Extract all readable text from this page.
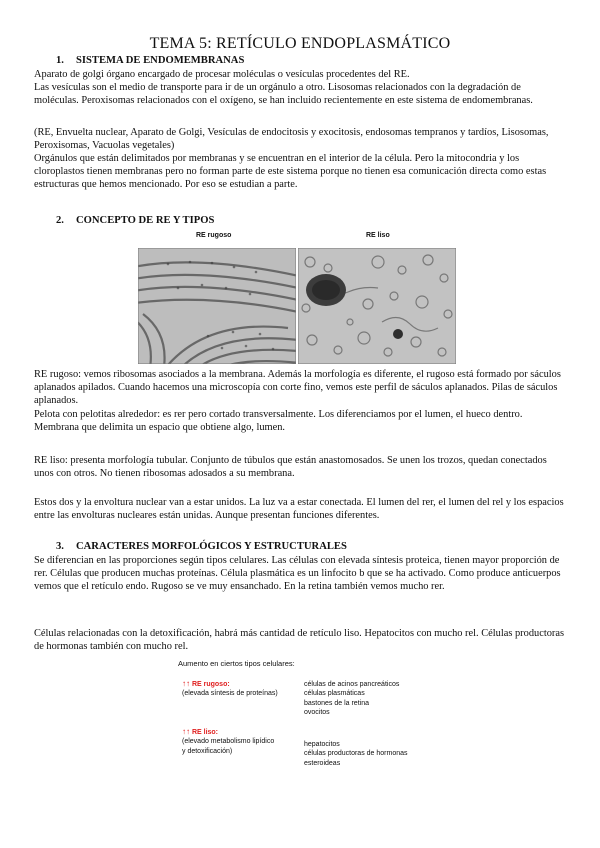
TEMA 5: RETÍCULO ENDOPLASMÁTICO
1. SISTEMA DE ENDOMEMBRANAS

Aparato de golgi órgano encargado de procesar moléculas o vesículas procedentes del RE.

Las vesículas son el medio de transporte para ir de un orgánulo a otro. Lisosomas relacionados con la degradación de moléculas. Peroxisomas relacionados con el oxígeno, se han incluido recientemente en este sistema de endomembranas.

(RE, Envuelta nuclear, Aparato de Golgi, Vesículas de endocitosis y exocitosis, endosomas tempranos y tardíos, Lisosomas, Peroxisomas, Vacuolas vegetales)

Orgánulos que están delimitados por membranas y se encuentran en el interior de la célula. Pero la mitocondria y los cloroplastos tienen membranas pero no forman parte de este sistema porque no tienen esa comunicación directa como estas estructuras que hemos mencionado. Por eso se estudian a parte.

2. CONCEPTO DE RE Y TIPOS
RE rugoso	RE liso

RE rugoso: vemos ribosomas asociados a la membrana. Además la morfología es diferente, el rugoso está formado por sáculos aplanados apilados. Cuando hacemos una microscopía con corte fino, vemos este perfil de sáculos aplanados. Pilas de sáculos aplanados.

Pelota con pelotitas alrededor: es rer pero cortado transversalmente. Los diferenciamos por el lumen, el hueco dentro. Membrana que delimita un espacio que obtiene algo, lumen.

RE liso: presenta morfología tubular. Conjunto de túbulos que están anastomosados. Se unen los trozos, quedan conectados unos con otros. No tienen ribosomas adosados a su membrana.

Estos dos y la envoltura nuclear van a estar unidos. La luz va a estar conectada. El lumen del rer, el lumen del rel y los espacios entre las envolturas nucleares están unidas. Aunque presentan funciones diferentes.

3. CARACTERES MORFOLÓGICOS Y ESTRUCTURALES

Se diferencian en las proporciones según tipos celulares. Las células con elevada síntesis proteica, tienen mayor proporción de rer. Células que producen muchas proteínas. Célula plasmática es un linfocito b que se ha activado. Como produce anticuerpos vemos que el retículo endo. Rugoso se ve muy ensanchado. En la retina también vemos mucho rer.

Células relacionadas con la detoxificación, habrá más cantidad de retículo liso. Hepatocitos con mucho rel. Células productoras de hormonas también con mucho rel.

Aumento en ciertos tipos celulares:
↑↑ RE rugoso:
(elevada síntesis de proteínas)
células de acinos pancreáticos
células plasmáticas
bastones de la retina
ovocitos
↑↑ RE liso:
(elevado metabolismo lipídico
y detoxificación)
hepatocitos
células productoras de hormonas
esteroideas
